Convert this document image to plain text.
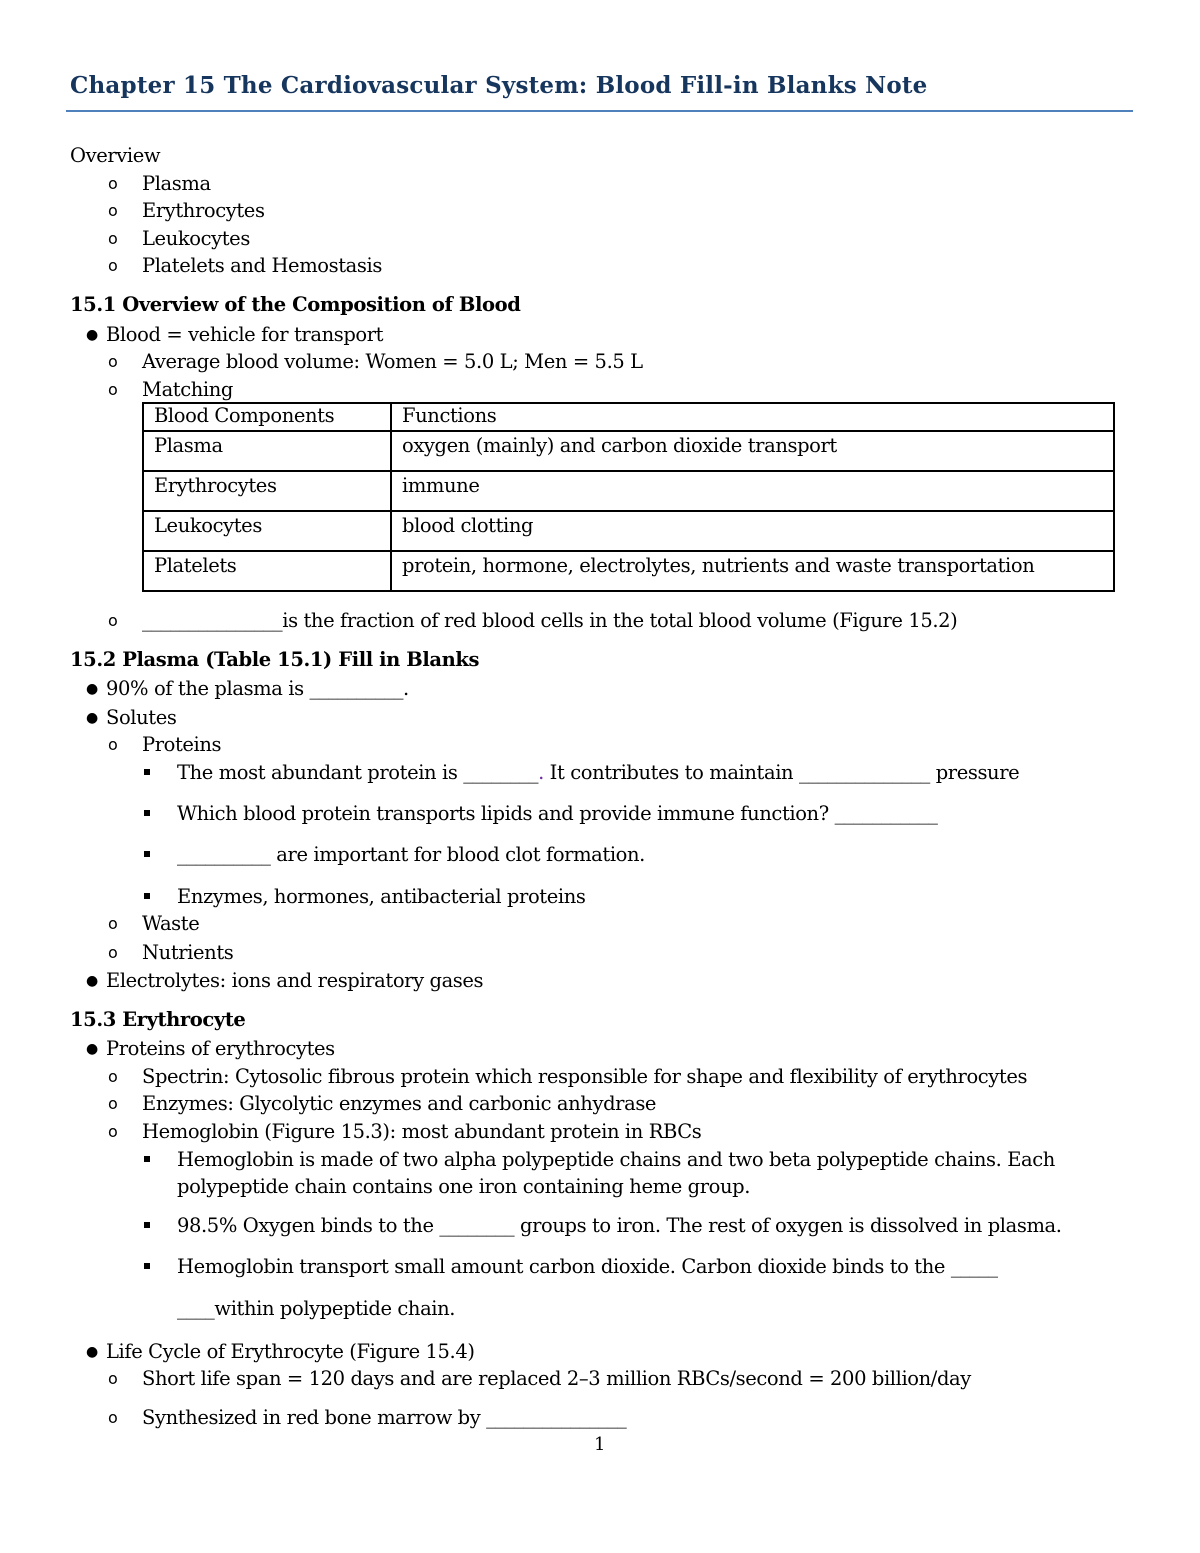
Chapter 15 The Cardiovascular System: Blood Fill-in Blanks Note
Overview
o Plasma
o Erythrocytes
o Leukocytes
o Platelets and Hemostasis
15.1 Overview of the Composition of Blood
● Blood = vehicle for transport
o Average blood volume: Women = 5.0 L; Men = 5.5 L
o Matching
Blood Components	Functions
Plasma	oxygen (mainly) and carbon dioxide transport
Erythrocytes	immune
Leukocytes	blood clotting
Platelets	protein, hormone, electrolytes, nutrients and waste transportation
o _______________is the fraction of red blood cells in the total blood volume (Figure 15.2)
15.2 Plasma (Table 15.1) Fill in Blanks
● 90% of the plasma is __________.
● Solutes
o Proteins
The most abundant protein is ________. It contributes to maintain ______________ pressure
Which blood protein transports lipids and provide immune function? ___________
__________ are important for blood clot formation.
Enzymes, hormones, antibacterial proteins
o Waste
o Nutrients
● Electrolytes: ions and respiratory gases
15.3 Erythrocyte
● Proteins of erythrocytes
o Spectrin: Cytosolic fibrous protein which responsible for shape and flexibility of erythrocytes
o Enzymes: Glycolytic enzymes and carbonic anhydrase
o Hemoglobin (Figure 15.3): most abundant protein in RBCs
Hemoglobin is made of two alpha polypeptide chains and two beta polypeptide chains. Each
polypeptide chain contains one iron containing heme group.
98.5% Oxygen binds to the ________ groups to iron. The rest of oxygen is dissolved in plasma.
Hemoglobin transport small amount carbon dioxide. Carbon dioxide binds to the _____
____within polypeptide chain.
● Life Cycle of Erythrocyte (Figure 15.4)
o Short life span = 120 days and are replaced 2–3 million RBCs/second = 200 billion/day
o Synthesized in red bone marrow by _______________
1
